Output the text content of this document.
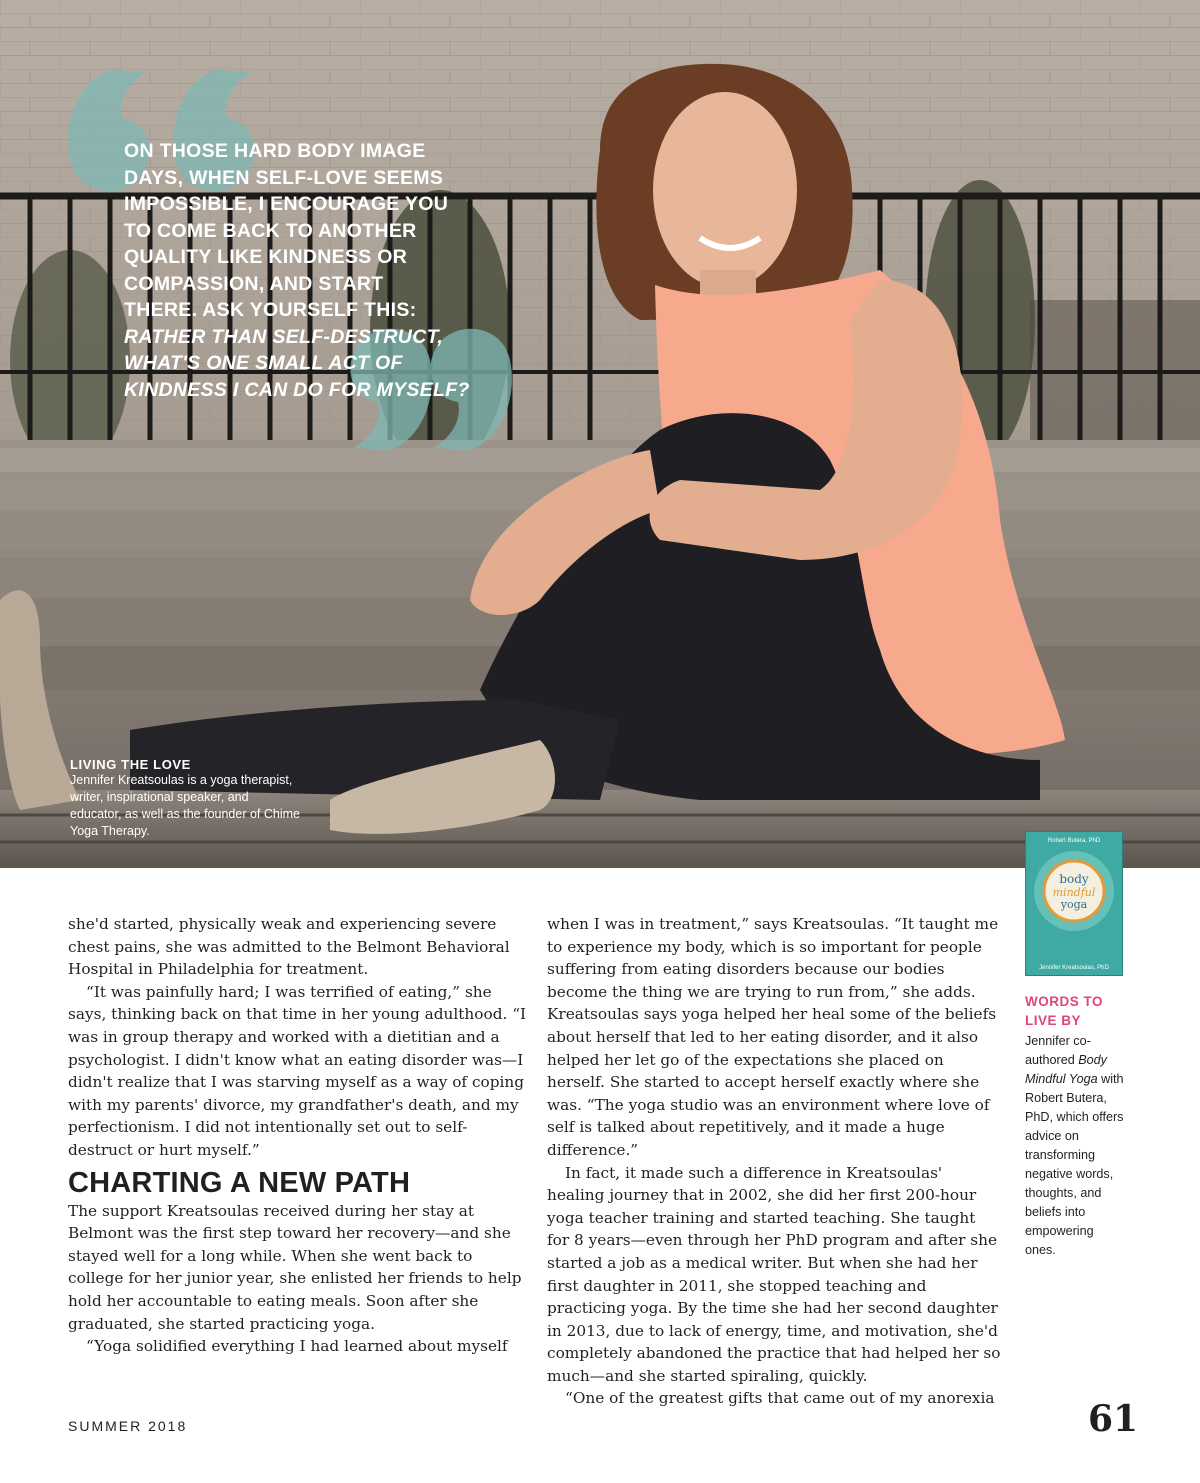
ON THOSE HARD BODY IMAGE
DAYS, WHEN SELF-LOVE SEEMS
IMPOSSIBLE, I ENCOURAGE YOU
TO COME BACK TO ANOTHER
QUALITY LIKE KINDNESS OR
COMPASSION, AND START
THERE. ASK YOURSELF THIS:
RATHER THAN SELF-DESTRUCT,
WHAT'S ONE SMALL ACT OF
KINDNESS I CAN DO FOR MYSELF?
LIVING THE LOVE
Jennifer Kreatsoulas is a yoga therapist, writer, inspirational speaker, and educator, as well as the founder of Chime Yoga Therapy.

she'd started, physically weak and experiencing severe chest pains, she was admitted to the Belmont Behavioral Hospital in Philadelphia for treatment.

“It was painfully hard; I was terrified of eating,” she says, thinking back on that time in her young adulthood. “I was in group therapy and worked with a dietitian and a psychologist. I didn't know what an eating disorder was—I didn't realize that I was starving myself as a way of coping with my parents' divorce, my grandfather's death, and my perfectionism. I did not intentionally set out to self-destruct or hurt myself.”

CHARTING A NEW PATH

The support Kreatsoulas received during her stay at Belmont was the first step toward her recovery—and she stayed well for a long while. When she went back to college for her junior year, she enlisted her friends to help hold her accountable to eating meals. Soon after she graduated, she started practicing yoga.

“Yoga solidified everything I had learned about myself

when I was in treatment,” says Kreatsoulas. “It taught me to experience my body, which is so important for people suffering from eating disorders because our bodies become the thing we are trying to run from,” she adds. Kreatsoulas says yoga helped her heal some of the beliefs about herself that led to her eating disorder, and it also helped her let go of the expectations she placed on herself. She started to accept herself exactly where she was. “The yoga studio was an environment where love of self is talked about repetitively, and it made a huge difference.”

In fact, it made such a difference in Kreatsoulas' healing journey that in 2002, she did her first 200-hour yoga teacher training and started teaching. She taught for 8 years—even through her PhD program and after she started a job as a medical writer. But when she had her first daughter in 2011, she stopped teaching and practicing yoga. By the time she had her second daughter in 2013, due to lack of energy, time, and motivation, she'd completely abandoned the practice that had helped her so much—and she started spiraling, quickly.

“One of the greatest gifts that came out of my anorexia

Robert Butera, PhD
body
mindful
yoga
Jennifer Kreatsoulas, PhD
WORDS TO LIVE BY
Jennifer co-authored Body Mindful Yoga with Robert Butera, PhD, which offers advice on transforming negative words, thoughts, and beliefs into empowering ones.
SUMMER 2018	61
